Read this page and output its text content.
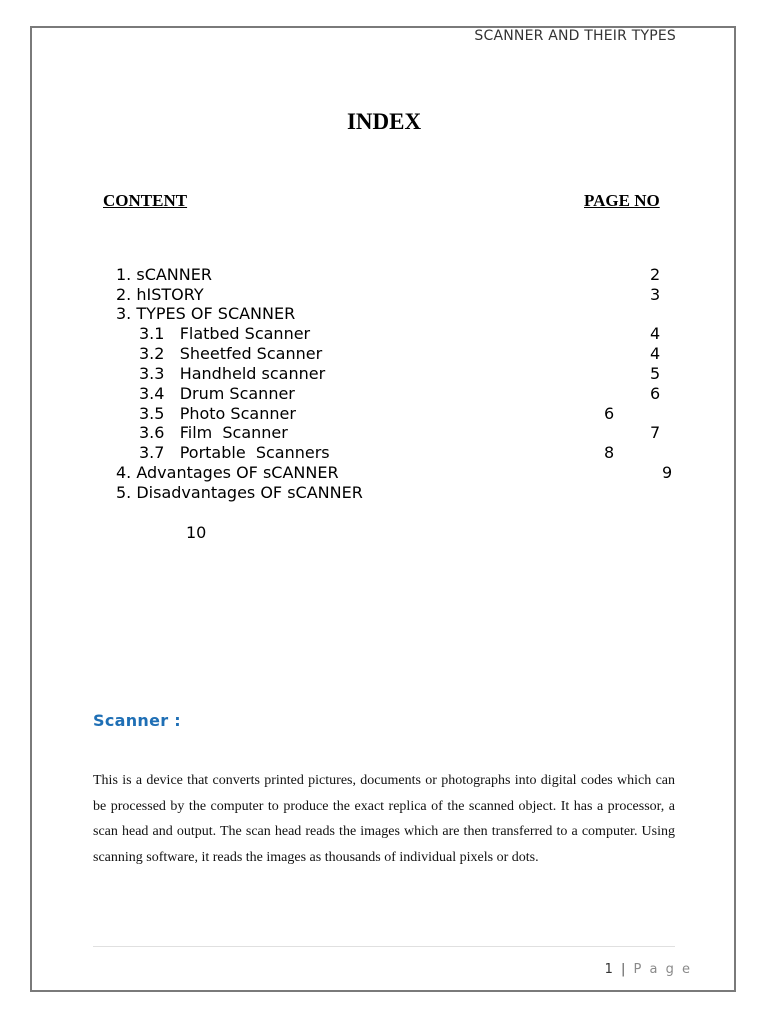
SCANNER AND THEIR TYPES
INDEX
CONTENT	PAGE NO
1. sCANNER
2. hISTORY
3. TYPES OF SCANNER
3.1   Flatbed Scanner
3.2   Sheetfed Scanner
3.3   Handheld scanner
3.4   Drum Scanner
3.5   Photo Scanner
3.6   Film  Scanner
3.7   Portable  Scanners
4. Advantages OF sCANNER
5. Disadvantages OF sCANNER
2
3
4
4
5
6
6
7
8
9
10
Scanner :
This is a device that converts printed pictures, documents or photographs into digital codes which can be processed by the computer to produce the exact replica of the scanned object. It has a processor, a scan head and output. The scan head reads the images which are then transferred to a computer. Using scanning software, it reads the images as thousands of individual pixels or dots.
1 | P a g e
